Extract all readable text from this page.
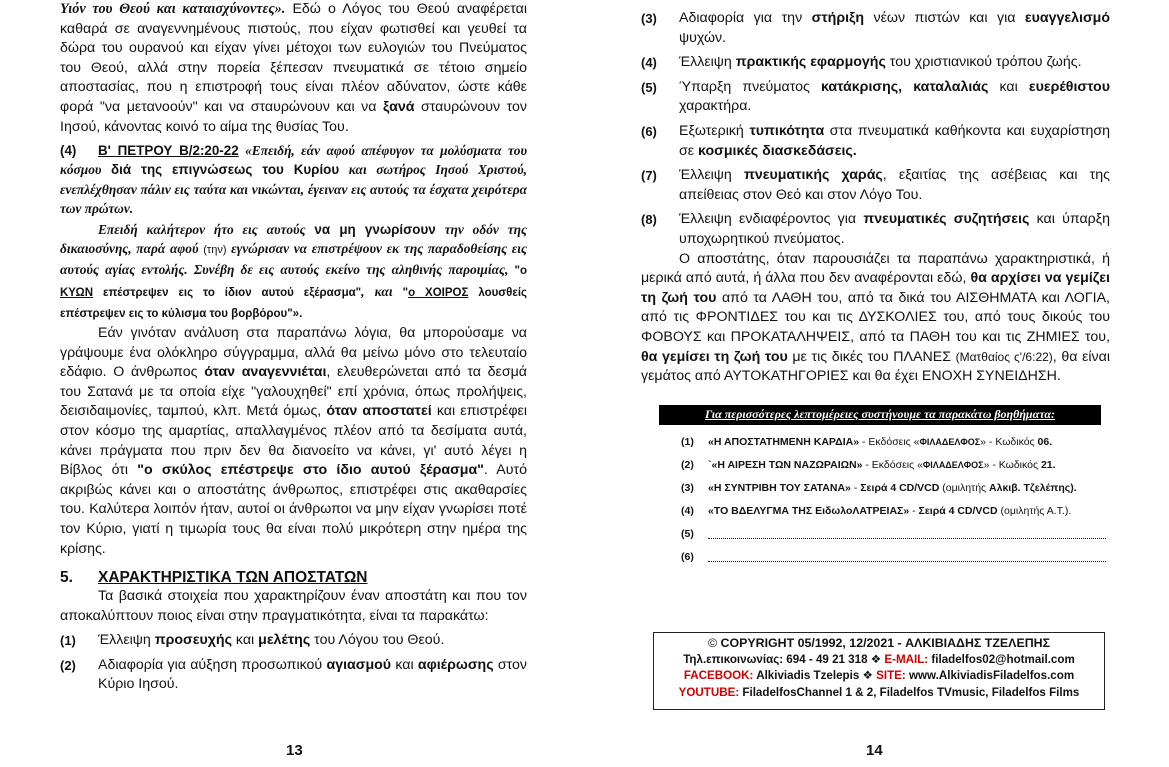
Υιόν του Θεού και καταισχύνοντες». Εδώ ο Λόγος του Θεού αναφέρεται καθαρά σε αναγεννημένους πιστούς, που είχαν φωτισθεί και γευθεί τα δώρα του ουρανού και είχαν γίνει μέτοχοι των ευλογιών του Πνεύματος του Θεού, αλλά στην πορεία ξέπεσαν πνευματικά σε τέτοιο σημείο αποστασίας, που η επιστροφή τους είναι πλέον αδύνατον, ώστε κάθε φορά "να μετανοούν" και να σταυρώνουν και να ξανά σταυρώνουν τον Ιησού, κάνοντας κοινό το αίμα της θυσίας Του.

(4) Β' ΠΕΤΡΟΥ Β/2:20-22 «Επειδή, εάν αφού απέφυγον τα μολύσματα του κόσμου διά της επιγνώσεως του Κυρίου και σωτήρος Ιησού Χριστού, ενεπλέχθησαν πάλιν εις ταύτα και νικώνται, έγειναν εις αυτούς τα έσχατα χειρότερα των πρώτων.

Επειδή καλήτερον ήτο εις αυτούς να μη γνωρίσουν την οδόν της δικαιοσύνης, παρά αφού (την) εγνώρισαν να επιστρέψουν εκ της παραδοθείσης εις αυτούς αγίας εντολής. Συνέβη δε εις αυτούς εκείνο της αληθινής παροιμίας, "ο ΚΥΩΝ επέστρεψεν εις το ίδιον αυτού εξέρασμα", και "ο ΧΟΙΡΟΣ λουσθείς επέστρεψεν εις το κύλισμα του βορβόρου"».

Εάν γινόταν ανάλυση στα παραπάνω λόγια, θα μπορούσαμε να γράψουμε ένα ολόκληρο σύγγραμμα, αλλά θα μείνω μόνο στο τελευταίο εδάφιο. Ο άνθρωπος όταν αναγεννιέται, ελευθερώνεται από τα δεσμά του Σατανά με τα οποία είχε "γαλουχηθεί" επί χρόνια, όπως προλήψεις, δεισιδαιμονίες, ταμπού, κλπ. Μετά όμως, όταν αποστατεί και επιστρέφει στον κόσμο της αμαρτίας, απαλλαγμένος πλέον από τα δεσίματα αυτά, κάνει πράγματα που πριν δεν θα διανοείτο να κάνει, γι' αυτό λέγει η Βίβλος ότι "ο σκύλος επέστρεψε στο ίδιο αυτού ξέρασμα". Αυτό ακριβώς κάνει και ο αποστάτης άνθρωπος, επιστρέφει στις ακαθαρσίες του. Καλύτερα λοιπόν ήταν, αυτοί οι άνθρωποι να μην είχαν γνωρίσει ποτέ τον Κύριο, γιατί η τιμωρία τους θα είναι πολύ μικρότερη στην ημέρα της κρίσης.

5.	ΧΑΡΑΚΤΗΡΙΣΤΙΚΑ ΤΩΝ ΑΠΟΣΤΑΤΩΝ

Τα βασικά στοιχεία που χαρακτηρίζουν έναν αποστάτη και που τον αποκαλύπτουν ποιος είναι στην πραγματικότητα, είναι τα παρακάτω:

(1)	Έλλειψη προσευχής και μελέτης του Λόγου του Θεού.
(2)	Αδιαφορία για αύξηση προσωπικού αγιασμού και αφιέρωσης στον Κύριο Ιησού.
13
(3)	Αδιαφορία για την στήριξη νέων πιστών και για ευαγγελισμό ψυχών.
(4)	Έλλειψη πρακτικής εφαρμογής του χριστιανικού τρόπου ζωής.
(5)	Ύπαρξη πνεύματος κατάκρισης, καταλαλιάς και ευερέθιστου χαρακτήρα.
(6)	Εξωτερική τυπικότητα στα πνευματικά καθήκοντα και ευχαρίστηση σε κοσμικές διασκεδάσεις.
(7)	Έλλειψη πνευματικής χαράς, εξαιτίας της ασέβειας και της απείθειας στον Θεό και στον Λόγο Του.
(8)	Έλλειψη ενδιαφέροντος για πνευματικές συζητήσεις και ύπαρξη υποχωρητικού πνεύματος.

Ο αποστάτης, όταν παρουσιάζει τα παραπάνω χαρακτηριστικά, ή μερικά από αυτά, ή άλλα που δεν αναφέρονται εδώ, θα αρχίσει να γεμίζει τη ζωή του από τα ΛΑΘΗ του, από τα δικά του ΑΙΣΘΗΜΑΤΑ και ΛΟΓΙΑ, από τις ΦΡΟΝΤΙΔΕΣ του και τις ΔΥΣΚΟΛΙΕΣ του, από τους δικούς του ΦΟΒΟΥΣ και ΠΡΟΚΑΤΑΛΗΨΕΙΣ, από τα ΠΑΘΗ του και τις ΖΗΜΙΕΣ του, θα γεμίσει τη ζωή του με τις δικές του ΠΛΑΝΕΣ (Ματθαίος ς'/6:22), θα είναι γεμάτος από ΑΥΤΟΚΑΤΗΓΟΡΙΕΣ και θα έχει ΕΝΟΧΗ ΣΥΝΕΙΔΗΣΗ.

Για περισσότερες λεπτομέρειες συστήνουμε τα παρακάτω βοηθήματα:
(1)	«Η ΑΠΟΣΤΑΤΗΜΕΝΗ ΚΑΡΔΙΑ» - Εκδόσεις «ΦΙΛΑΔΕΛΦΟΣ» - Κωδικός 06.
(2)	`«Η ΑΙΡΕΣΗ ΤΩΝ ΝΑΖΩΡΑΙΩΝ» - Εκδόσεις «ΦΙΛΑΔΕΛΦΟΣ» - Κωδικός 21.
(3)	«Η ΣΥΝΤΡΙΒΗ ΤΟΥ ΣΑΤΑΝΑ» - Σειρά 4 CD/VCD (ομιλητής Αλκιβ. Τζελέπης).
(4)	«ΤΟ ΒΔΕΛΥΓΜΑ ΤΗΣ ΕιδωλοΛΑΤΡΕΙΑΣ» - Σειρά 4 CD/VCD (ομιλητής Α.Τ.).
(5)
(6)
© COPYRIGHT 05/1992, 12/2021 - ΑΛΚΙΒΙΑΔΗΣ ΤΖΕΛΕΠΗΣ
Τηλ.επικοινωνίας: 694 - 49 21 318 ❖ E-MAIL: filadelfos02@hotmail.com
FACEBOOK: Alkiviadis Tzelepis ❖ SITE: www.AlkiviadisFiladelfos.com
YOUTUBE: FiladelfosChannel 1 & 2, Filadelfos TVmusic, Filadelfos Films
14
